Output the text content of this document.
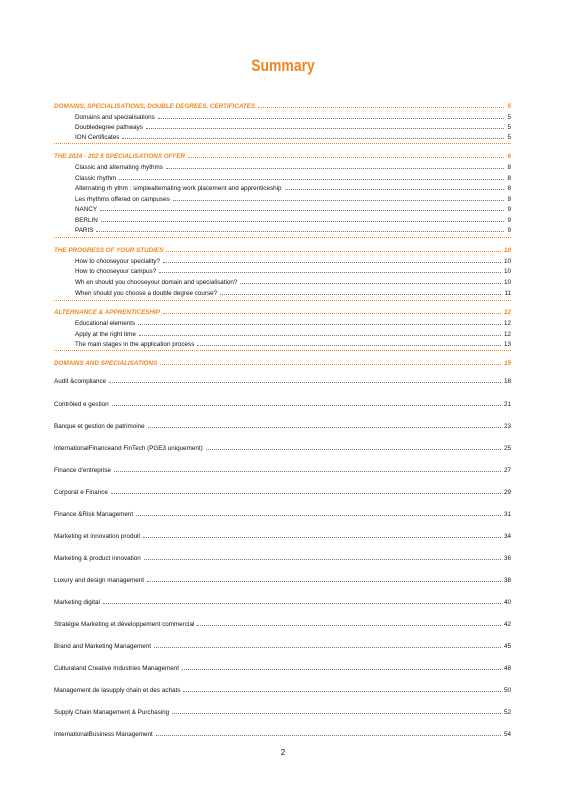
Summary
DOMAINS, SPECIALISATIONS, DOUBLE DEGREES, CERTIFICATES	5
Domains and specialisations	5
Doubledegree pathways	5
ION Certificates	5
THE 2024 - 202 5 SPECIALISATIONS OFFER	6
Classic and alternating rhythms	8
Classic rhythm	8
Alternating rh ythm : simplealternating work placement and apprenticeship	8
Les rhythms offered on campuses	9
NANCY	9
BERLIN	9
PARIS	9
THE PROGRESS OF YOUR STUDIES	10
How to chooseyour speciality?	10
How to chooseyour campus?	10
Wh en should you chooseyour domain and specialisation?	10
When should you choose a double degree course?	11
ALTERNANCE & APPRENTICESHIP	12
Educational elements	12
Apply at the right time	12
The main stages in the application process	13
DOMAINS AND SPECIALISATIONS	15
Audit &compliance	18
Contrôled e gestion	21
Banque et gestion de patrimoine	23
InternationalFinanceand FinTech (PGE3 uniquement)	25
Finance d'entreprise	27
Corporat e Finance	29
Finance &Risk Management	31
Marketing et innovation produit	34
Marketing & product innovation	36
Luxury and design management	38
Marketing digital	40
Stratégie Marketing et développement commercial	42
Brand and Marketing Management	45
Culturaland Creative Industries Management	48
Management de lasupply chain et des achats	50
Supply Chain Management & Purchasing	52
InternationalBusiness Management	54
2
